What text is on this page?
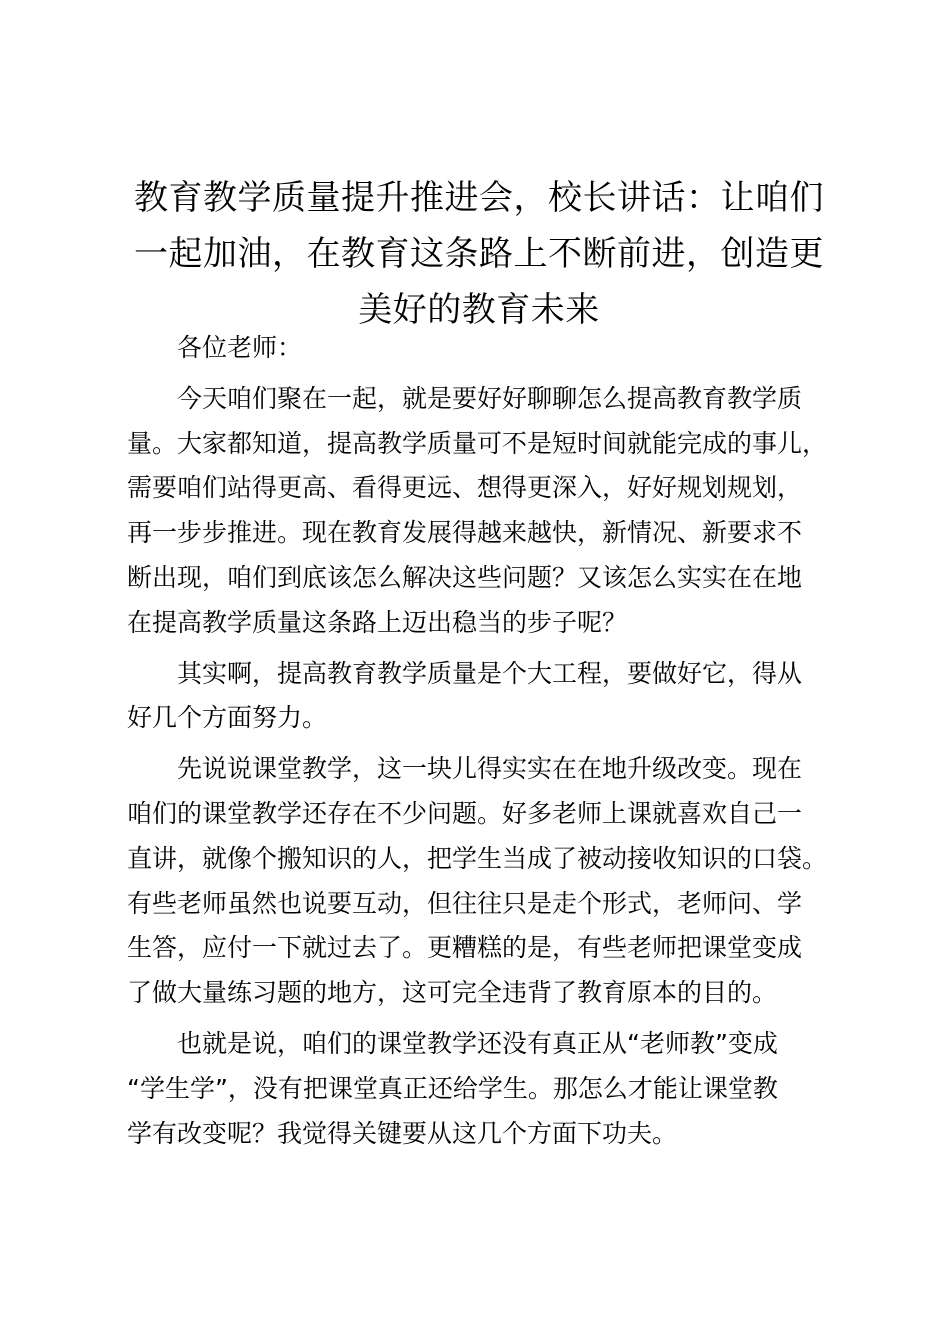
教育教学质量提升推进会，校长讲话：让咱们
一起加油，在教育这条路上不断前进，创造更
美好的教育未来

各位老师：

今天咱们聚在一起，就是要好好聊聊怎么提高教育教学质
量。大家都知道，提高教学质量可不是短时间就能完成的事儿，
需要咱们站得更高、看得更远、想得更深入，好好规划规划，
再一步步推进。现在教育发展得越来越快，新情况、新要求不
断出现，咱们到底该怎么解决这些问题？又该怎么实实在在地
在提高教学质量这条路上迈出稳当的步子呢？

其实啊，提高教育教学质量是个大工程，要做好它，得从
好几个方面努力。

先说说课堂教学，这一块儿得实实在在地升级改变。现在
咱们的课堂教学还存在不少问题。好多老师上课就喜欢自己一
直讲，就像个搬知识的人，把学生当成了被动接收知识的口袋。
有些老师虽然也说要互动，但往往只是走个形式，老师问、学
生答，应付一下就过去了。更糟糕的是，有些老师把课堂变成
了做大量练习题的地方，这可完全违背了教育原本的目的。

也就是说，咱们的课堂教学还没有真正从“老师教”变成
“学生学”，没有把课堂真正还给学生。那怎么才能让课堂教
学有改变呢？我觉得关键要从这几个方面下功夫。
